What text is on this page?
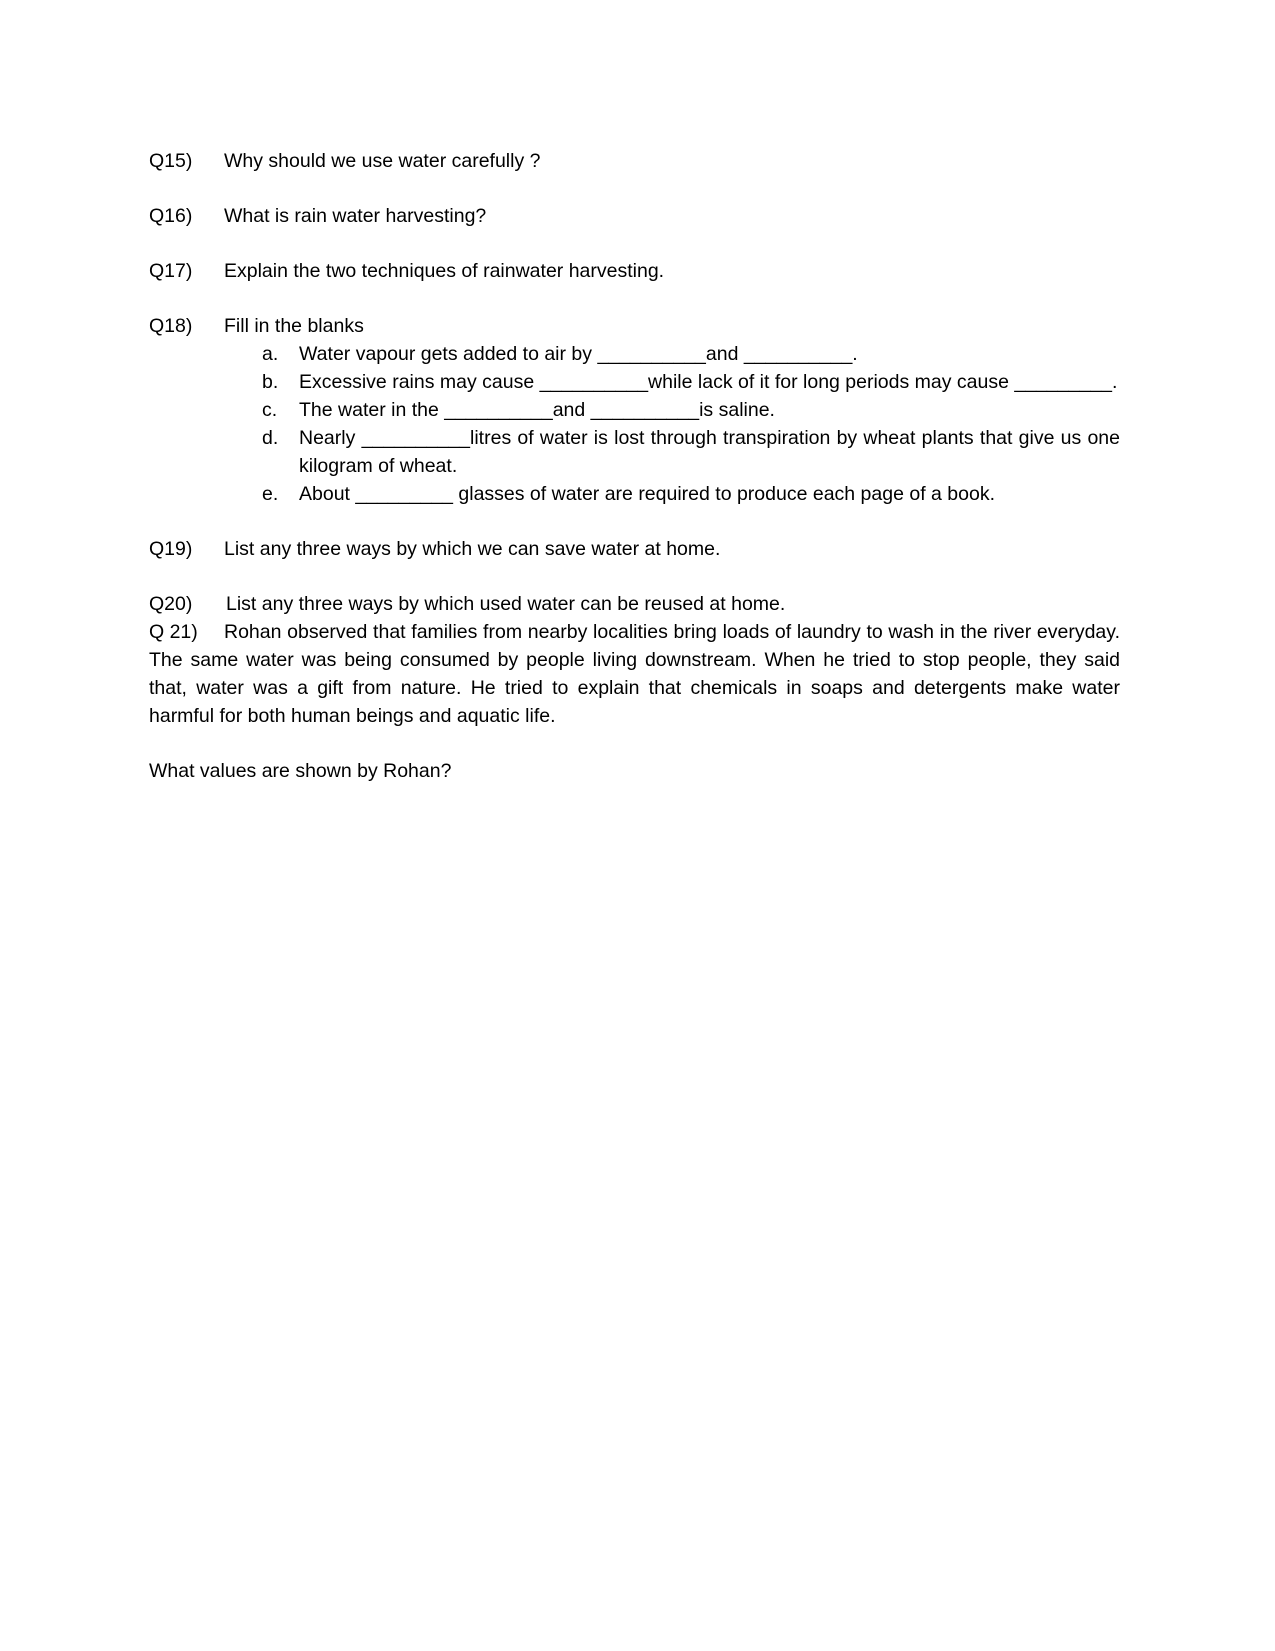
Q15)	Why should we use water carefully ?
Q16)	What is rain water harvesting?
Q17)	Explain the two techniques of rainwater harvesting.
Q18)	Fill in the blanks
a.	Water vapour gets added to air by __________and __________.
b.	Excessive rains may cause __________while lack of it for long periods may cause _________.
c.	The water in the __________and __________is saline.
d.	Nearly __________litres of water is lost through transpiration by wheat plants that give us one kilogram of wheat.
e.	About _________ glasses of water are required to produce each page of a book.
Q19)	List any three ways by which we can save water at home.
Q20)	List any three ways by which used water can be reused at home.

Q 21) Rohan observed that families from nearby localities bring loads of laundry to wash in the river everyday. The same water was being consumed by people living downstream. When he tried to stop people, they said that, water was a gift from nature. He tried to explain that chemicals in soaps and detergents make water harmful for both human beings and aquatic life.

What values are shown by Rohan?
